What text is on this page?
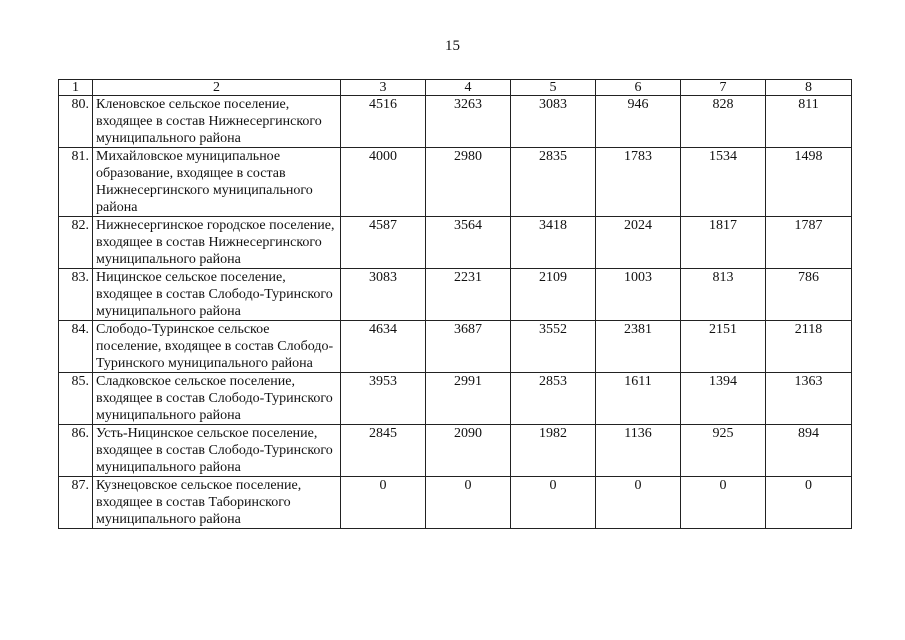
15
1	2	3	4	5	6	7	8
80.	Кленовское сельское поселение, входящее в состав Нижнесергинского муниципального района	4516	3263	3083	946	828	811
81.	Михайловское муниципальное образование, входящее в состав Нижнесергинского муниципального района	4000	2980	2835	1783	1534	1498
82.	Нижнесергинское городское поселение, входящее в состав Нижнесергинского муниципального района	4587	3564	3418	2024	1817	1787
83.	Ницинское сельское поселение, входящее в состав Слободо-Туринского муниципального района	3083	2231	2109	1003	813	786
84.	Слободо-Туринское сельское поселение, входящее в состав Слободо-Туринского муниципального района	4634	3687	3552	2381	2151	2118
85.	Сладковское сельское поселение, входящее в состав Слободо-Туринского муниципального района	3953	2991	2853	1611	1394	1363
86.	Усть-Ницинское сельское поселение, входящее в состав Слободо-Туринского муниципального района	2845	2090	1982	1136	925	894
87.	Кузнецовское сельское поселение, входящее в состав Таборинского муниципального района	0	0	0	0	0	0
